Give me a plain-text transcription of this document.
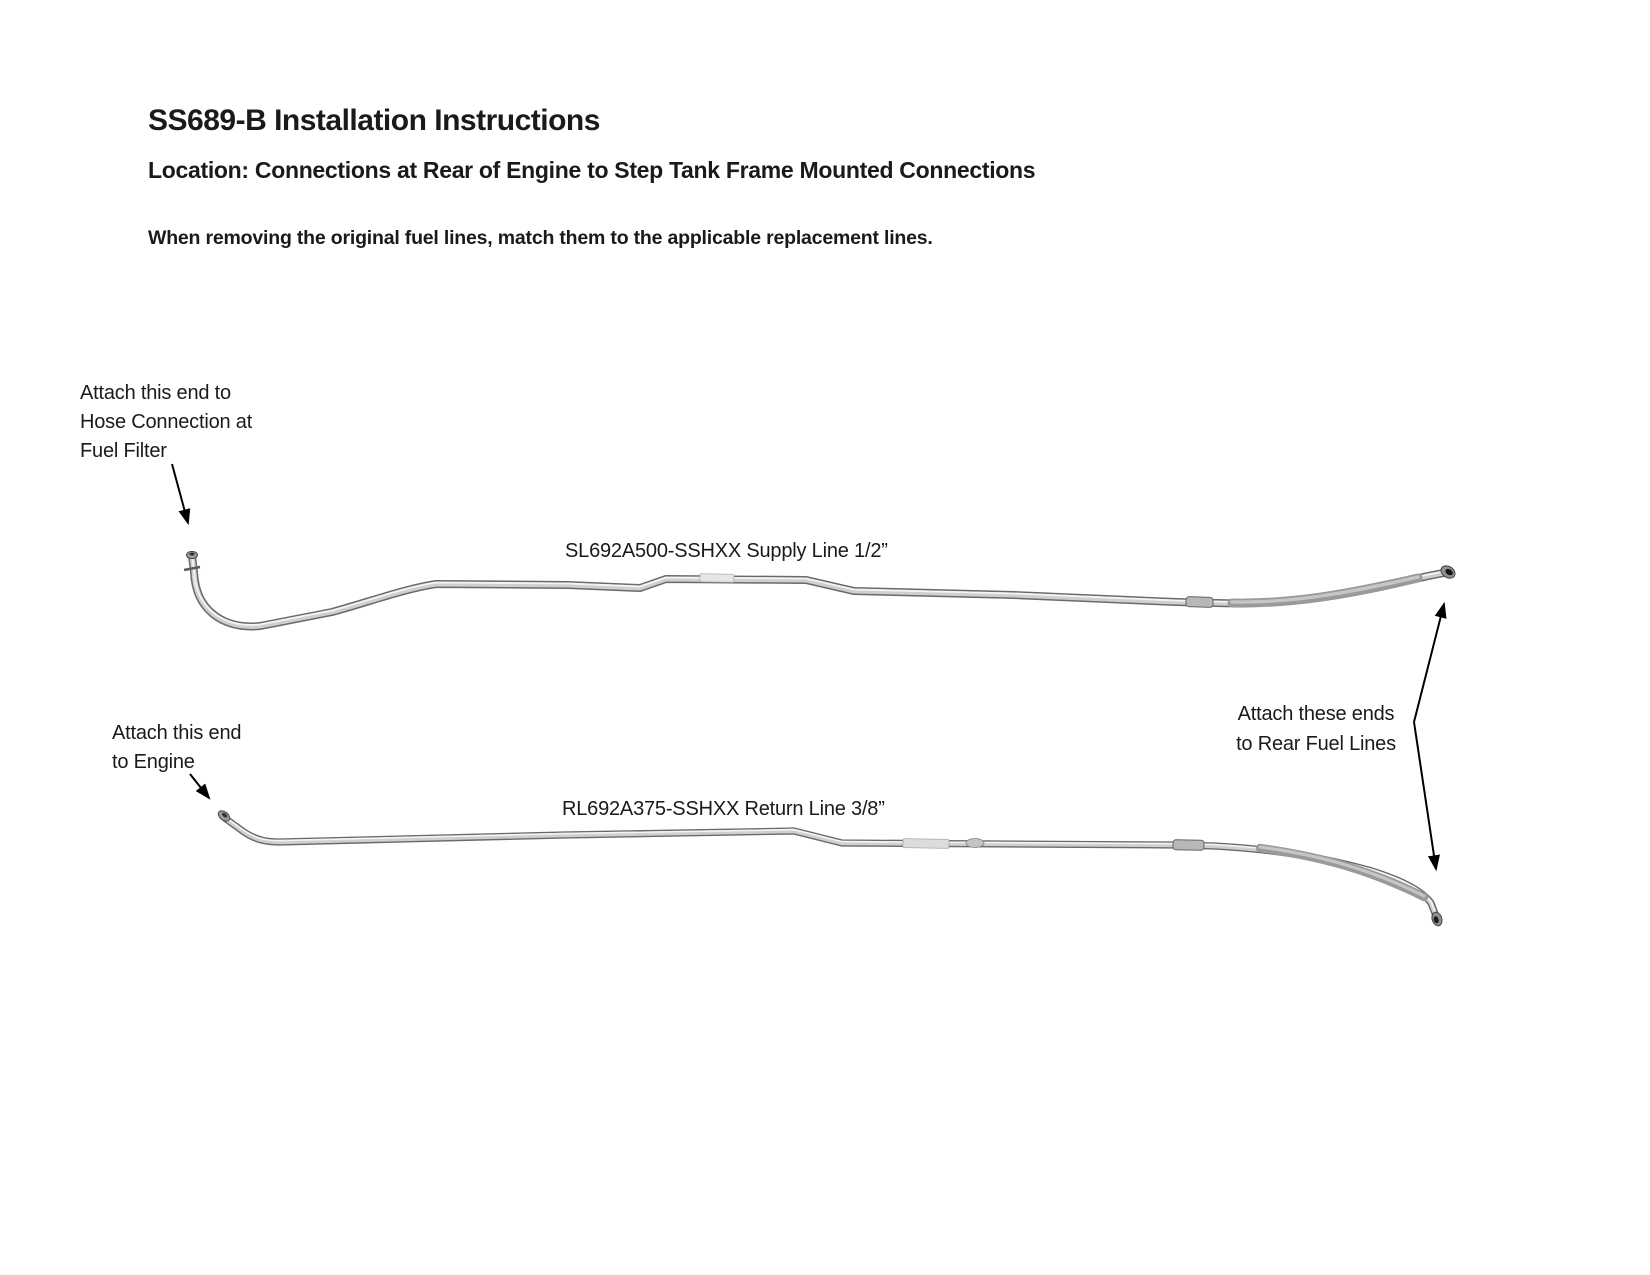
SS689-B Installation Instructions
Location: Connections at Rear of Engine to Step Tank Frame Mounted Connections
When removing the original fuel lines, match them to the applicable replacement lines.
Attach this end to
Hose Connection at
Fuel Filter
Attach this end
to Engine
Attach these ends
to Rear Fuel Lines
SL692A500-SSHXX Supply Line 1/2”
RL692A375-SSHXX Return Line 3/8”
